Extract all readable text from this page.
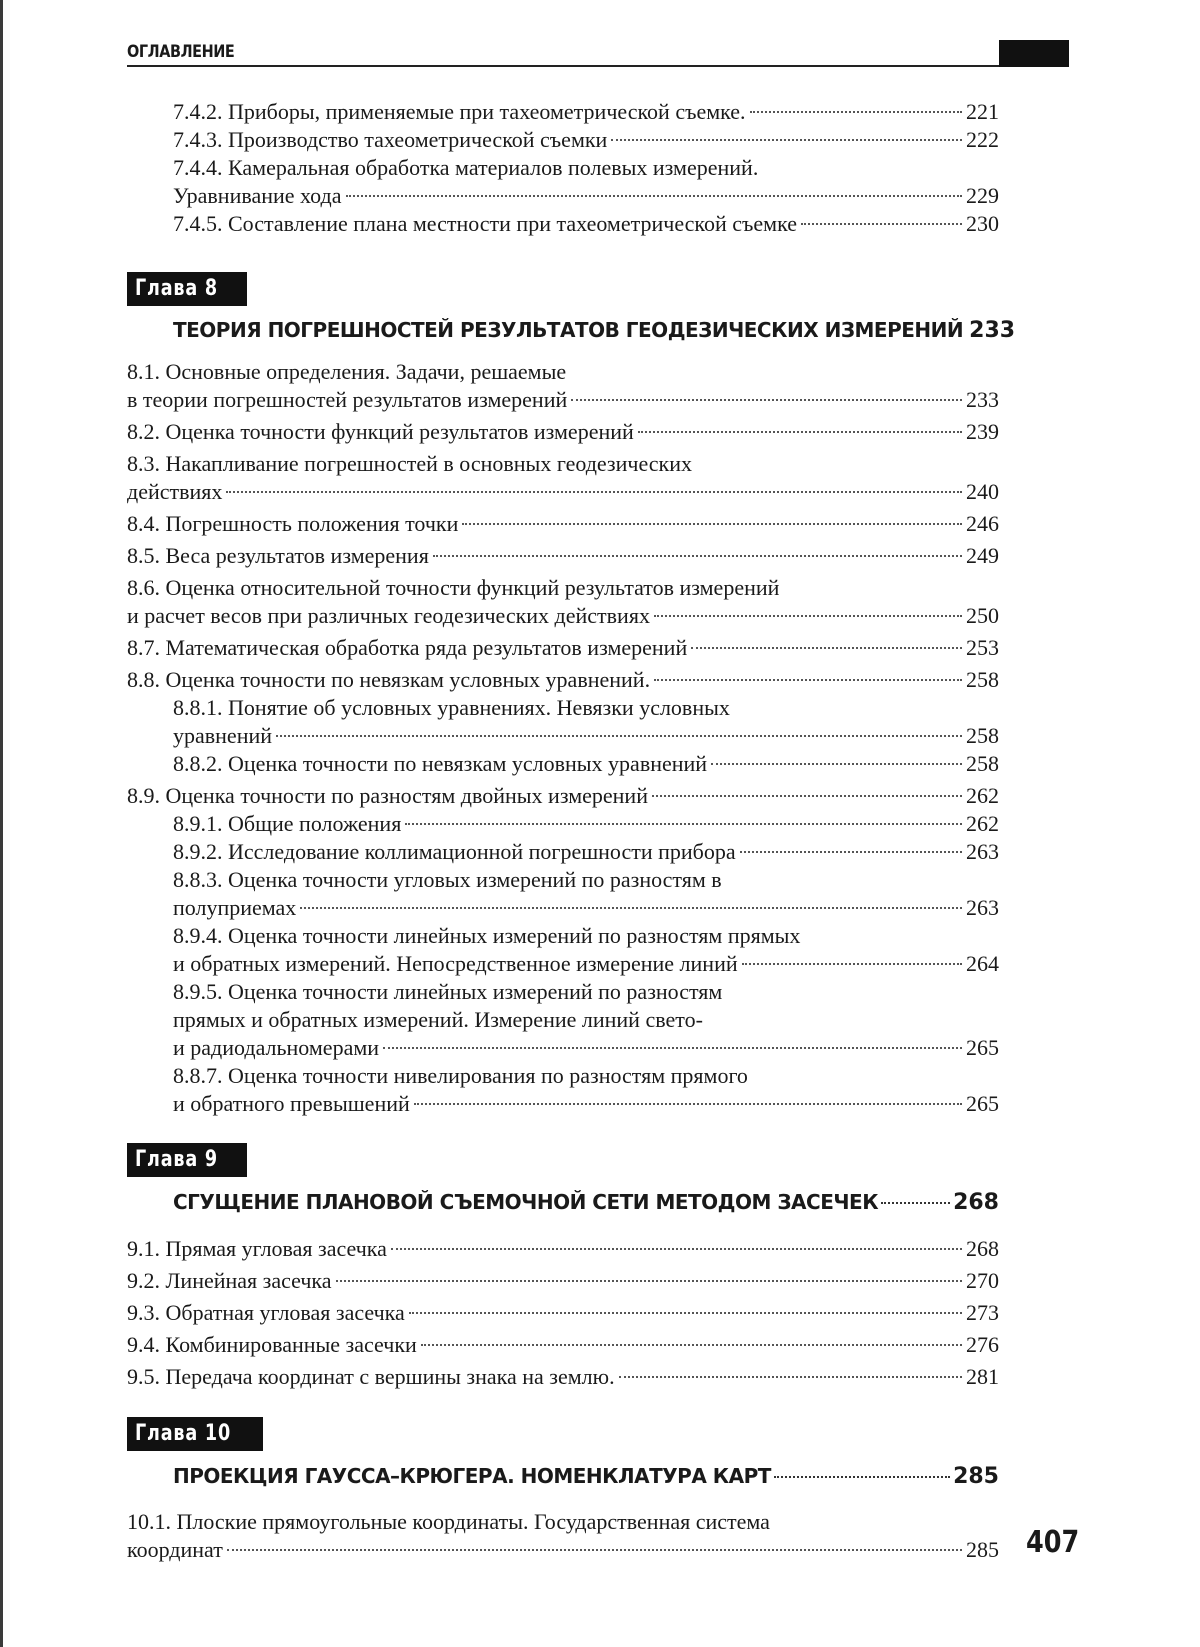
ОГЛАВЛЕНИЕ
7.4.2. Приборы, применяемые при тахеометрической съемке.	221
7.4.3. Производство тахеометрической съемки	222
7.4.4. Камеральная обработка материалов полевых измерений.
Уравнивание хода	229
7.4.5. Составление плана местности при тахеометрической съемке	230
Глава 8
ТЕОРИЯ ПОГРЕШНОСТЕЙ РЕЗУЛЬТАТОВ ГЕОДЕЗИЧЕСКИХ ИЗМЕРЕНИЙ 233
8.1. Основные определения. Задачи, решаемые
в теории погрешностей результатов измерений	233
8.2. Оценка точности функций результатов измерений	239
8.3. Накапливание погрешностей в основных геодезических
действиях	240
8.4. Погрешность положения точки	246
8.5. Веса результатов измерения	249
8.6. Оценка относительной точности функций результатов измерений
и расчет весов при различных геодезических действиях	250
8.7. Математическая обработка ряда результатов измерений	253
8.8. Оценка точности по невязкам условных уравнений.	258
8.8.1. Понятие об условных уравнениях. Невязки условных
уравнений	258
8.8.2. Оценка точности по невязкам условных уравнений	258
8.9. Оценка точности по разностям двойных измерений	262
8.9.1. Общие положения	262
8.9.2. Исследование коллимационной погрешности прибора	263
8.8.3. Оценка точности угловых измерений по разностям в
полуприемах	263
8.9.4. Оценка точности линейных измерений по разностям прямых
и обратных измерений. Непосредственное измерение линий	264
8.9.5. Оценка точности линейных измерений по разностям
прямых и обратных измерений. Измерение линий свето-
и радиодальномерами	265
8.8.7. Оценка точности нивелирования по разностям прямого
и обратного превышений	265
Глава 9
СГУЩЕНИЕ ПЛАНОВОЙ СЪЕМОЧНОЙ СЕТИ МЕТОДОМ ЗАСЕЧЕК	268
9.1. Прямая угловая засечка	268
9.2. Линейная засечка	270
9.3. Обратная угловая засечка	273
9.4. Комбинированные засечки	276
9.5. Передача координат с вершины знака на землю.	281
Глава 10
ПРОЕКЦИЯ ГАУССА–КРЮГЕРА. НОМЕНКЛАТУРА КАРТ	285
10.1. Плоские прямоугольные координаты. Государственная система
координат	285 407
